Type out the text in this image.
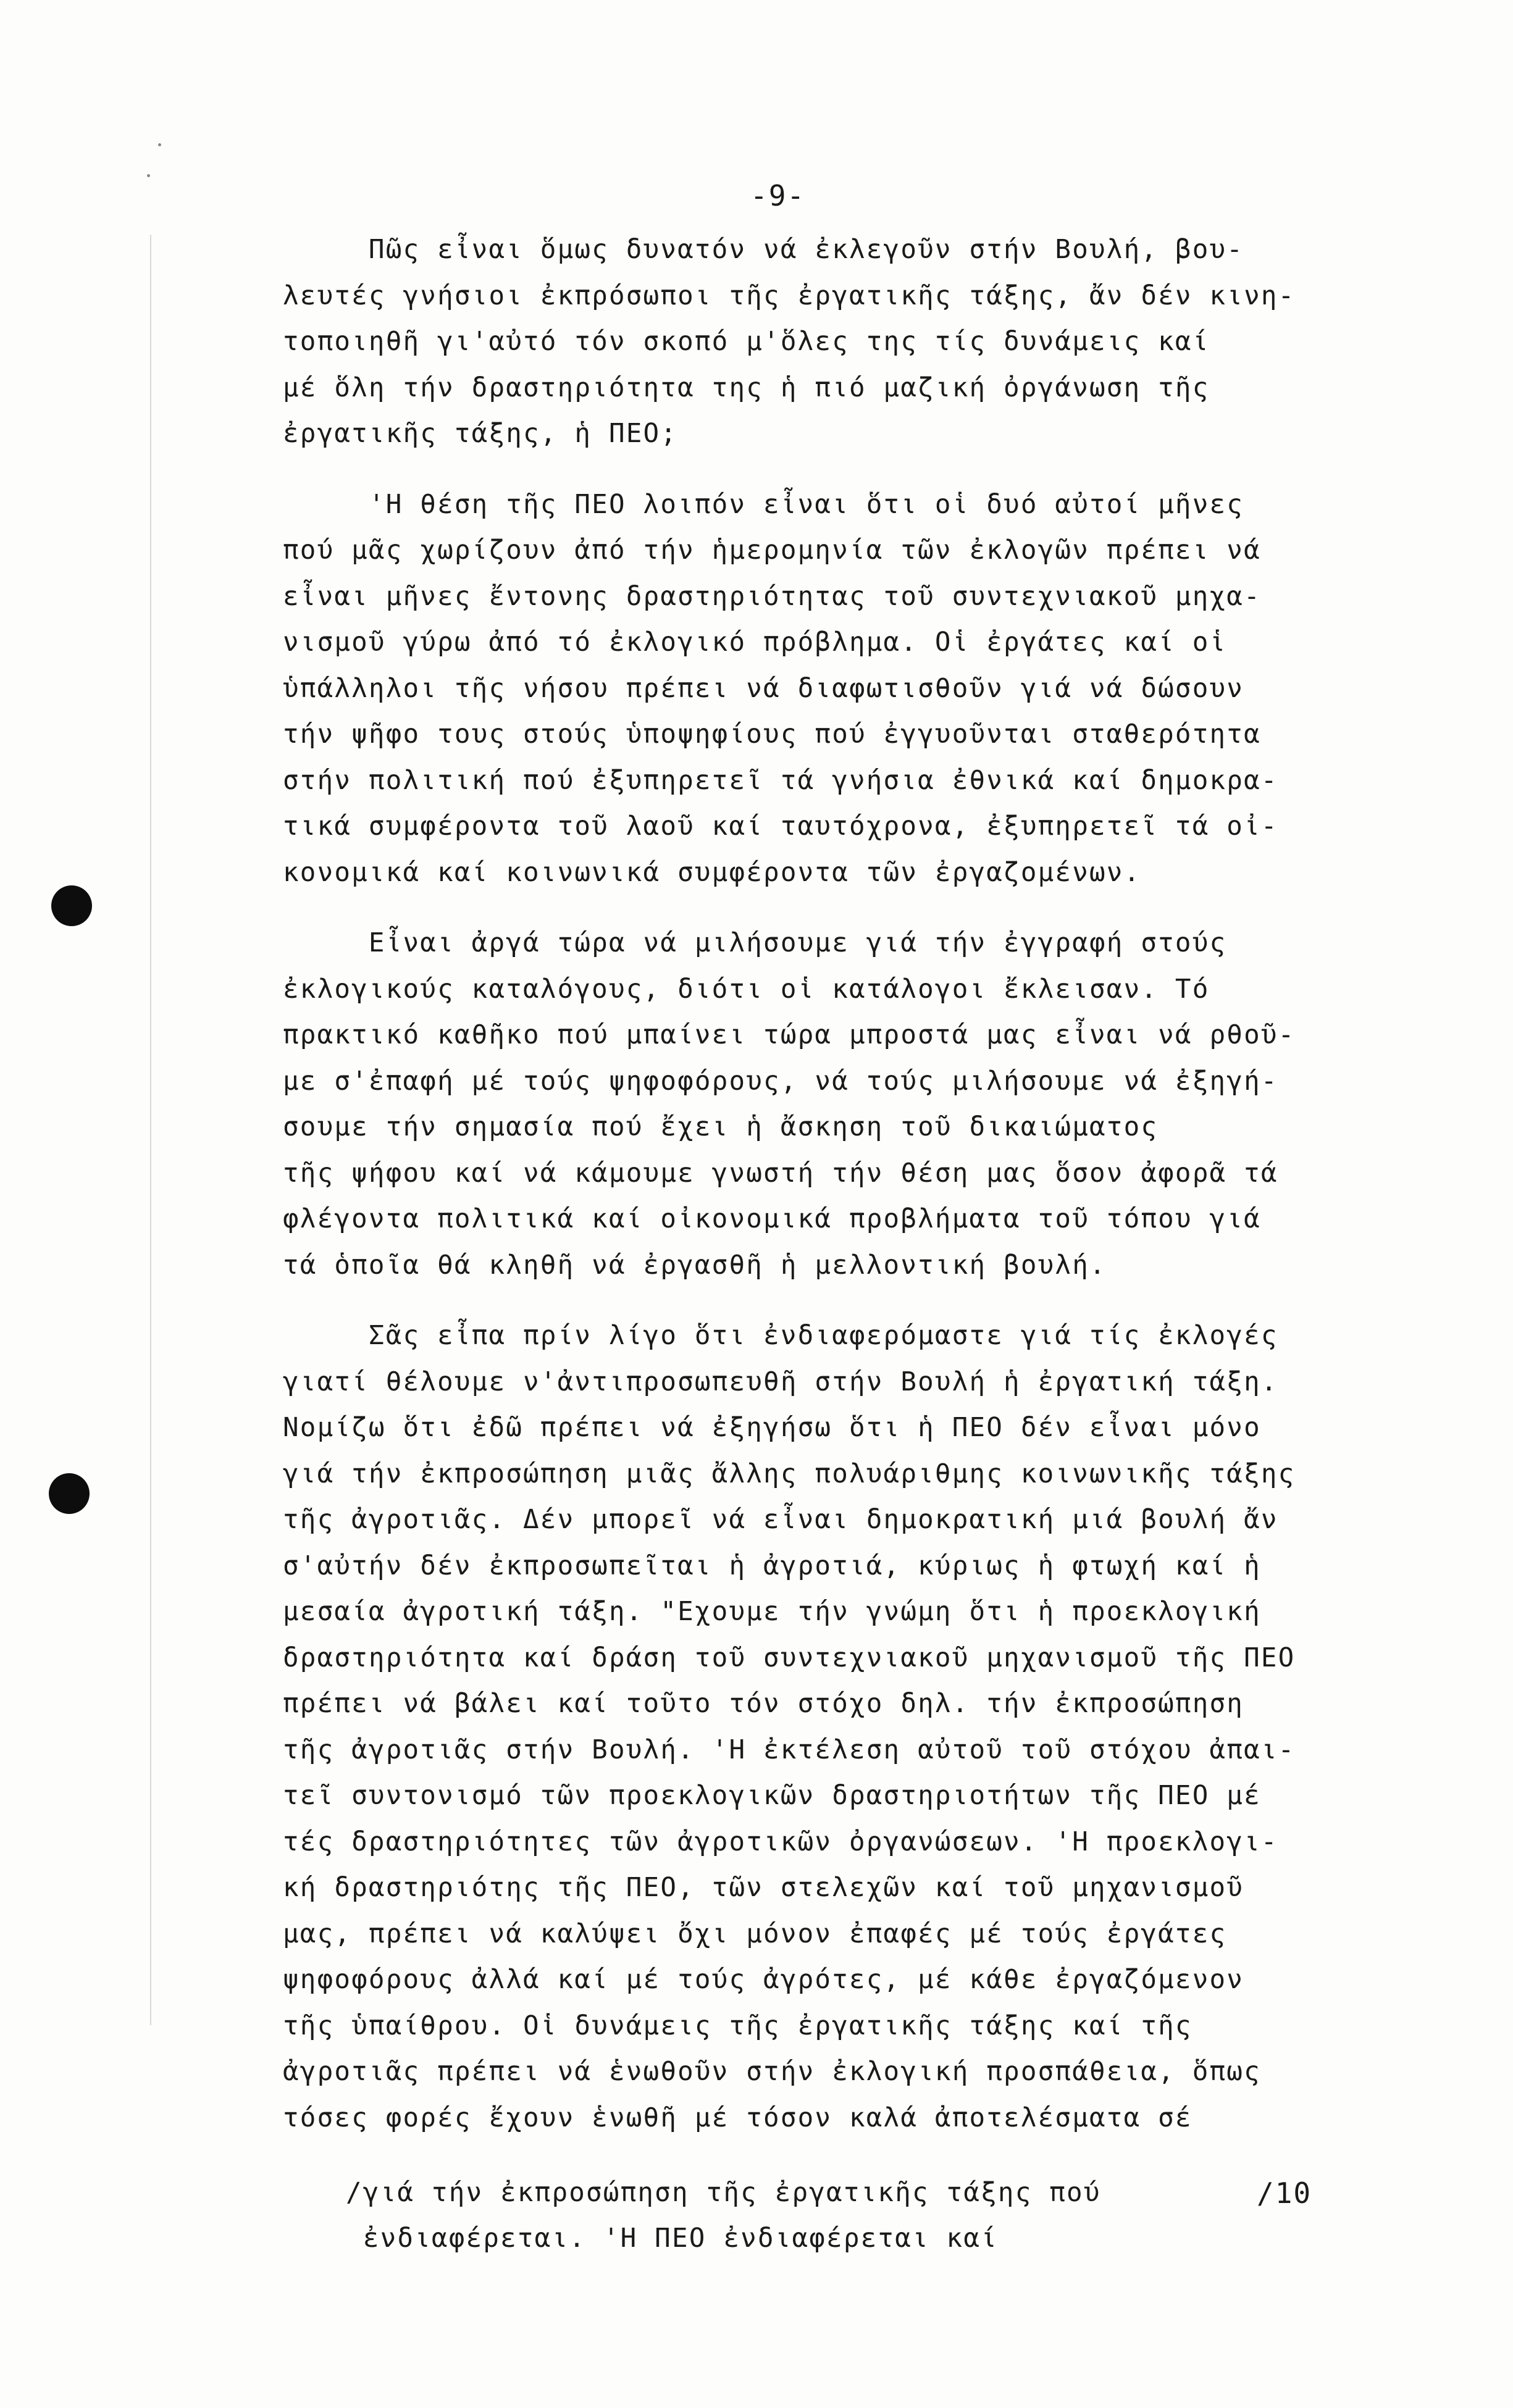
-9-

Πῶς εἶναι ὅμως δυνατόν νά ἐκλεγοῦν στήν Βουλή, βου-
λευτές γνήσιοι ἐκπρόσωποι τῆς ἐργατικῆς τάξης, ἄν δέν κινη-
τοποιηθῆ γι'αὐτό τόν σκοπό μ'ὅλες της τίς δυνάμεις καί
μέ ὅλη τήν δραστηριότητα της ἡ πιό μαζική ὀργάνωση τῆς
ἐργατικῆς τάξης, ἡ ΠΕΟ;

'Η θέση τῆς ΠΕΟ λοιπόν εἶναι ὅτι οἱ δυό αὐτοί μῆνες
πού μᾶς χωρίζουν ἀπό τήν ἡμερομηνία τῶν ἐκλογῶν πρέπει νά
εἶναι μῆνες ἔντονης δραστηριότητας τοῦ συντεχνιακοῦ μηχα-
νισμοῦ γύρω ἀπό τό ἐκλογικό πρόβλημα. Οἱ ἐργάτες καί οἱ
ὑπάλληλοι τῆς νήσου πρέπει νά διαφωτισθοῦν γιά νά δώσουν
τήν ψῆφο τους στούς ὑποψηφίους πού ἐγγυοῦνται σταθερότητα
στήν πολιτική πού ἐξυπηρετεῖ τά γνήσια ἐθνικά καί δημοκρα-
τικά συμφέροντα τοῦ λαοῦ καί ταυτόχρονα, ἐξυπηρετεῖ τά οἰ-
κονομικά καί κοινωνικά συμφέροντα τῶν ἐργαζομένων.

Εἶναι ἀργά τώρα νά μιλήσουμε γιά τήν ἐγγραφή στούς
ἐκλογικούς καταλόγους, διότι οἱ κατάλογοι ἔκλεισαν. Τό
πρακτικό καθῆκο πού μπαίνει τώρα μπροστά μας εἶναι νά ρθοῦ-
με σ'ἐπαφή μέ τούς ψηφοφόρους, νά τούς μιλήσουμε νά ἐξηγή-
σουμε τήν σημασία πού ἔχει ἡ ἄσκηση τοῦ δικαιώματος
τῆς ψήφου καί νά κάμουμε γνωστή τήν θέση μας ὅσον ἀφορᾶ τά
φλέγοντα πολιτικά καί οἰκονομικά προβλήματα τοῦ τόπου γιά
τά ὁποῖα θά κληθῆ νά ἐργασθῆ ἡ μελλοντική βουλή.

Σᾶς εἶπα πρίν λίγο ὅτι ἐνδιαφερόμαστε γιά τίς ἐκλογές
γιατί θέλουμε ν'ἀντιπροσωπευθῆ στήν Βουλή ἡ ἐργατική τάξη.
Νομίζω ὅτι ἐδῶ πρέπει νά ἐξηγήσω ὅτι ἡ ΠΕΟ δέν εἶναι μόνο
γιά τήν ἐκπροσώπηση μιᾶς ἄλλης πολυάριθμης κοινωνικῆς τάξης
τῆς ἀγροτιᾶς. Δέν μπορεῖ νά εἶναι δημοκρατική μιά βουλή ἄν
σ'αὐτήν δέν ἐκπροσωπεῖται ἡ ἀγροτιά, κύριως ἡ φτωχή καί ἡ
μεσαία ἀγροτική τάξη. "Εχουμε τήν γνώμη ὅτι ἡ προεκλογική
δραστηριότητα καί δράση τοῦ συντεχνιακοῦ μηχανισμοῦ τῆς ΠΕΟ
πρέπει νά βάλει καί τοῦτο τόν στόχο δηλ. τήν ἐκπροσώπηση
τῆς ἀγροτιᾶς στήν Βουλή. 'Η ἐκτέλεση αὐτοῦ τοῦ στόχου ἀπαι-
τεῖ συντονισμό τῶν προεκλογικῶν δραστηριοτήτων τῆς ΠΕΟ μέ
τές δραστηριότητες τῶν ἀγροτικῶν ὀργανώσεων. 'Η προεκλογι-
κή δραστηριότης τῆς ΠΕΟ, τῶν στελεχῶν καί τοῦ μηχανισμοῦ
μας, πρέπει νά καλύψει ὄχι μόνον ἐπαφές μέ τούς ἐργάτες
ψηφοφόρους ἀλλά καί μέ τούς ἀγρότες, μέ κάθε ἐργαζόμενον
τῆς ὑπαίθρου. Οἱ δυνάμεις τῆς ἐργατικῆς τάξης καί τῆς
ἀγροτιᾶς πρέπει νά ἑνωθοῦν στήν ἐκλογική προσπάθεια, ὅπως
τόσες φορές ἔχουν ἑνωθῆ μέ τόσον καλά ἀποτελέσματα σέ

/γιά τήν ἐκπροσώπηση τῆς ἐργατικῆς τάξης πού
ἐνδιαφέρεται. 'Η ΠΕΟ ἐνδιαφέρεται καί
/10
